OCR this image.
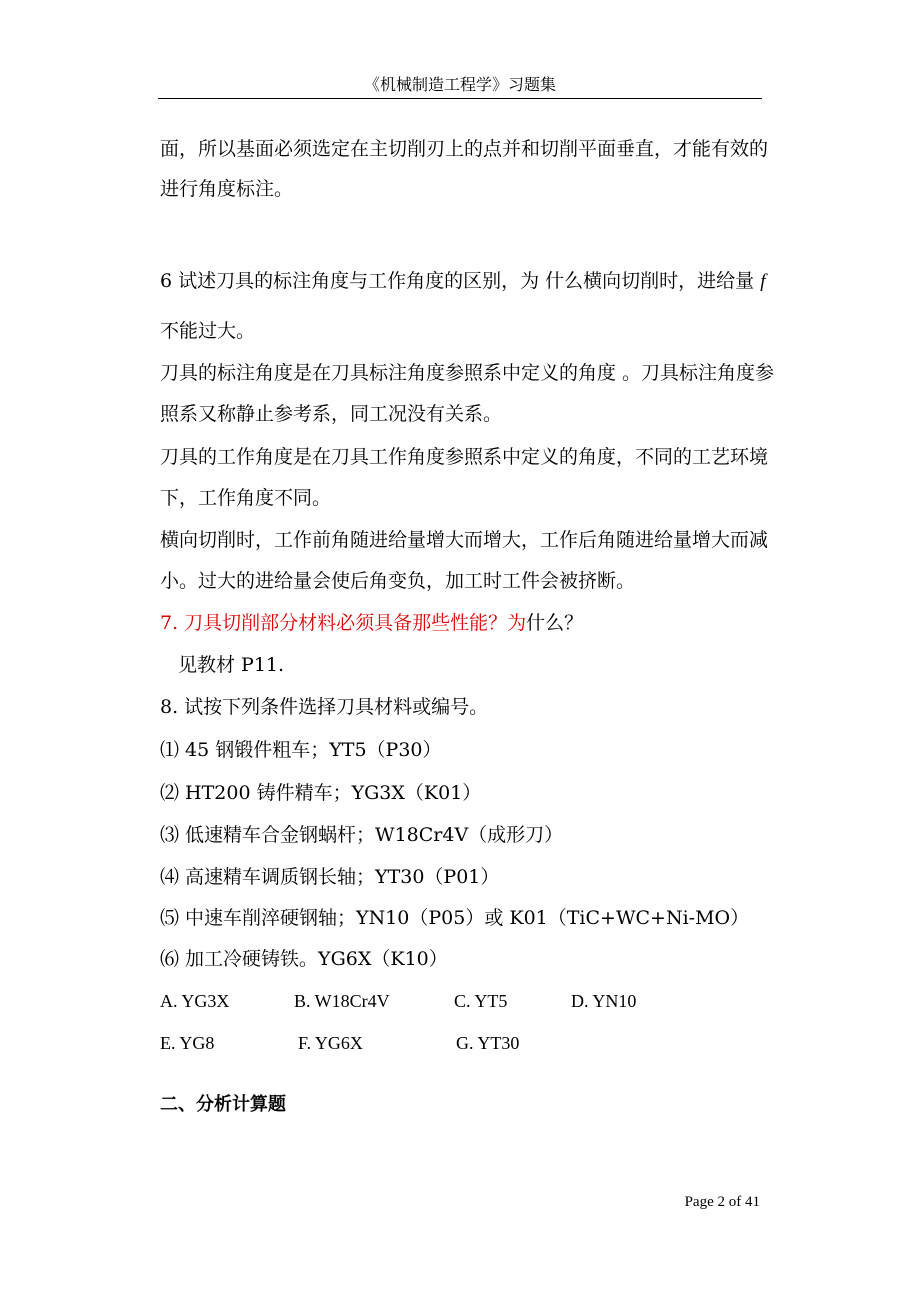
《机械制造工程学》习题集
面，所以基面必须选定在主切削刃上的点并和切削平面垂直，才能有效的
进行角度标注。
6 试述刀具的标注角度与工作角度的区别，为 什么横向切削时，进给量 f
不能过大。
刀具的标注角度是在刀具标注角度参照系中定义的角度 。刀具标注角度参
照系又称静止参考系，同工况没有关系。
刀具的工作角度是在刀具工作角度参照系中定义的角度，不同的工艺环境
下，工作角度不同。
横向切削时，工作前角随进给量增大而增大，工作后角随进给量增大而减
小。过大的进给量会使后角变负，加工时工件会被挤断。
7. 刀具切削部分材料必须具备那些性能？为什么？
见教材 P11.
8. 试按下列条件选择刀具材料或编号。
⑴ 45 钢锻件粗车；YT5（P30）
⑵ HT200 铸件精车；YG3X（K01）
⑶ 低速精车合金钢蜗杆；W18Cr4V（成形刀）
⑷ 高速精车调质钢长轴；YT30（P01）
⑸ 中速车削淬硬钢轴；YN10（P05）或 K01（TiC+WC+Ni-MO）
⑹ 加工冷硬铸铁。YG6X（K10）
A. YG3X	B. W18Cr4V	C. YT5	D. YN10
E. YG8	F. YG6X	G. YT30
二、分析计算题
Page 2 of 41
